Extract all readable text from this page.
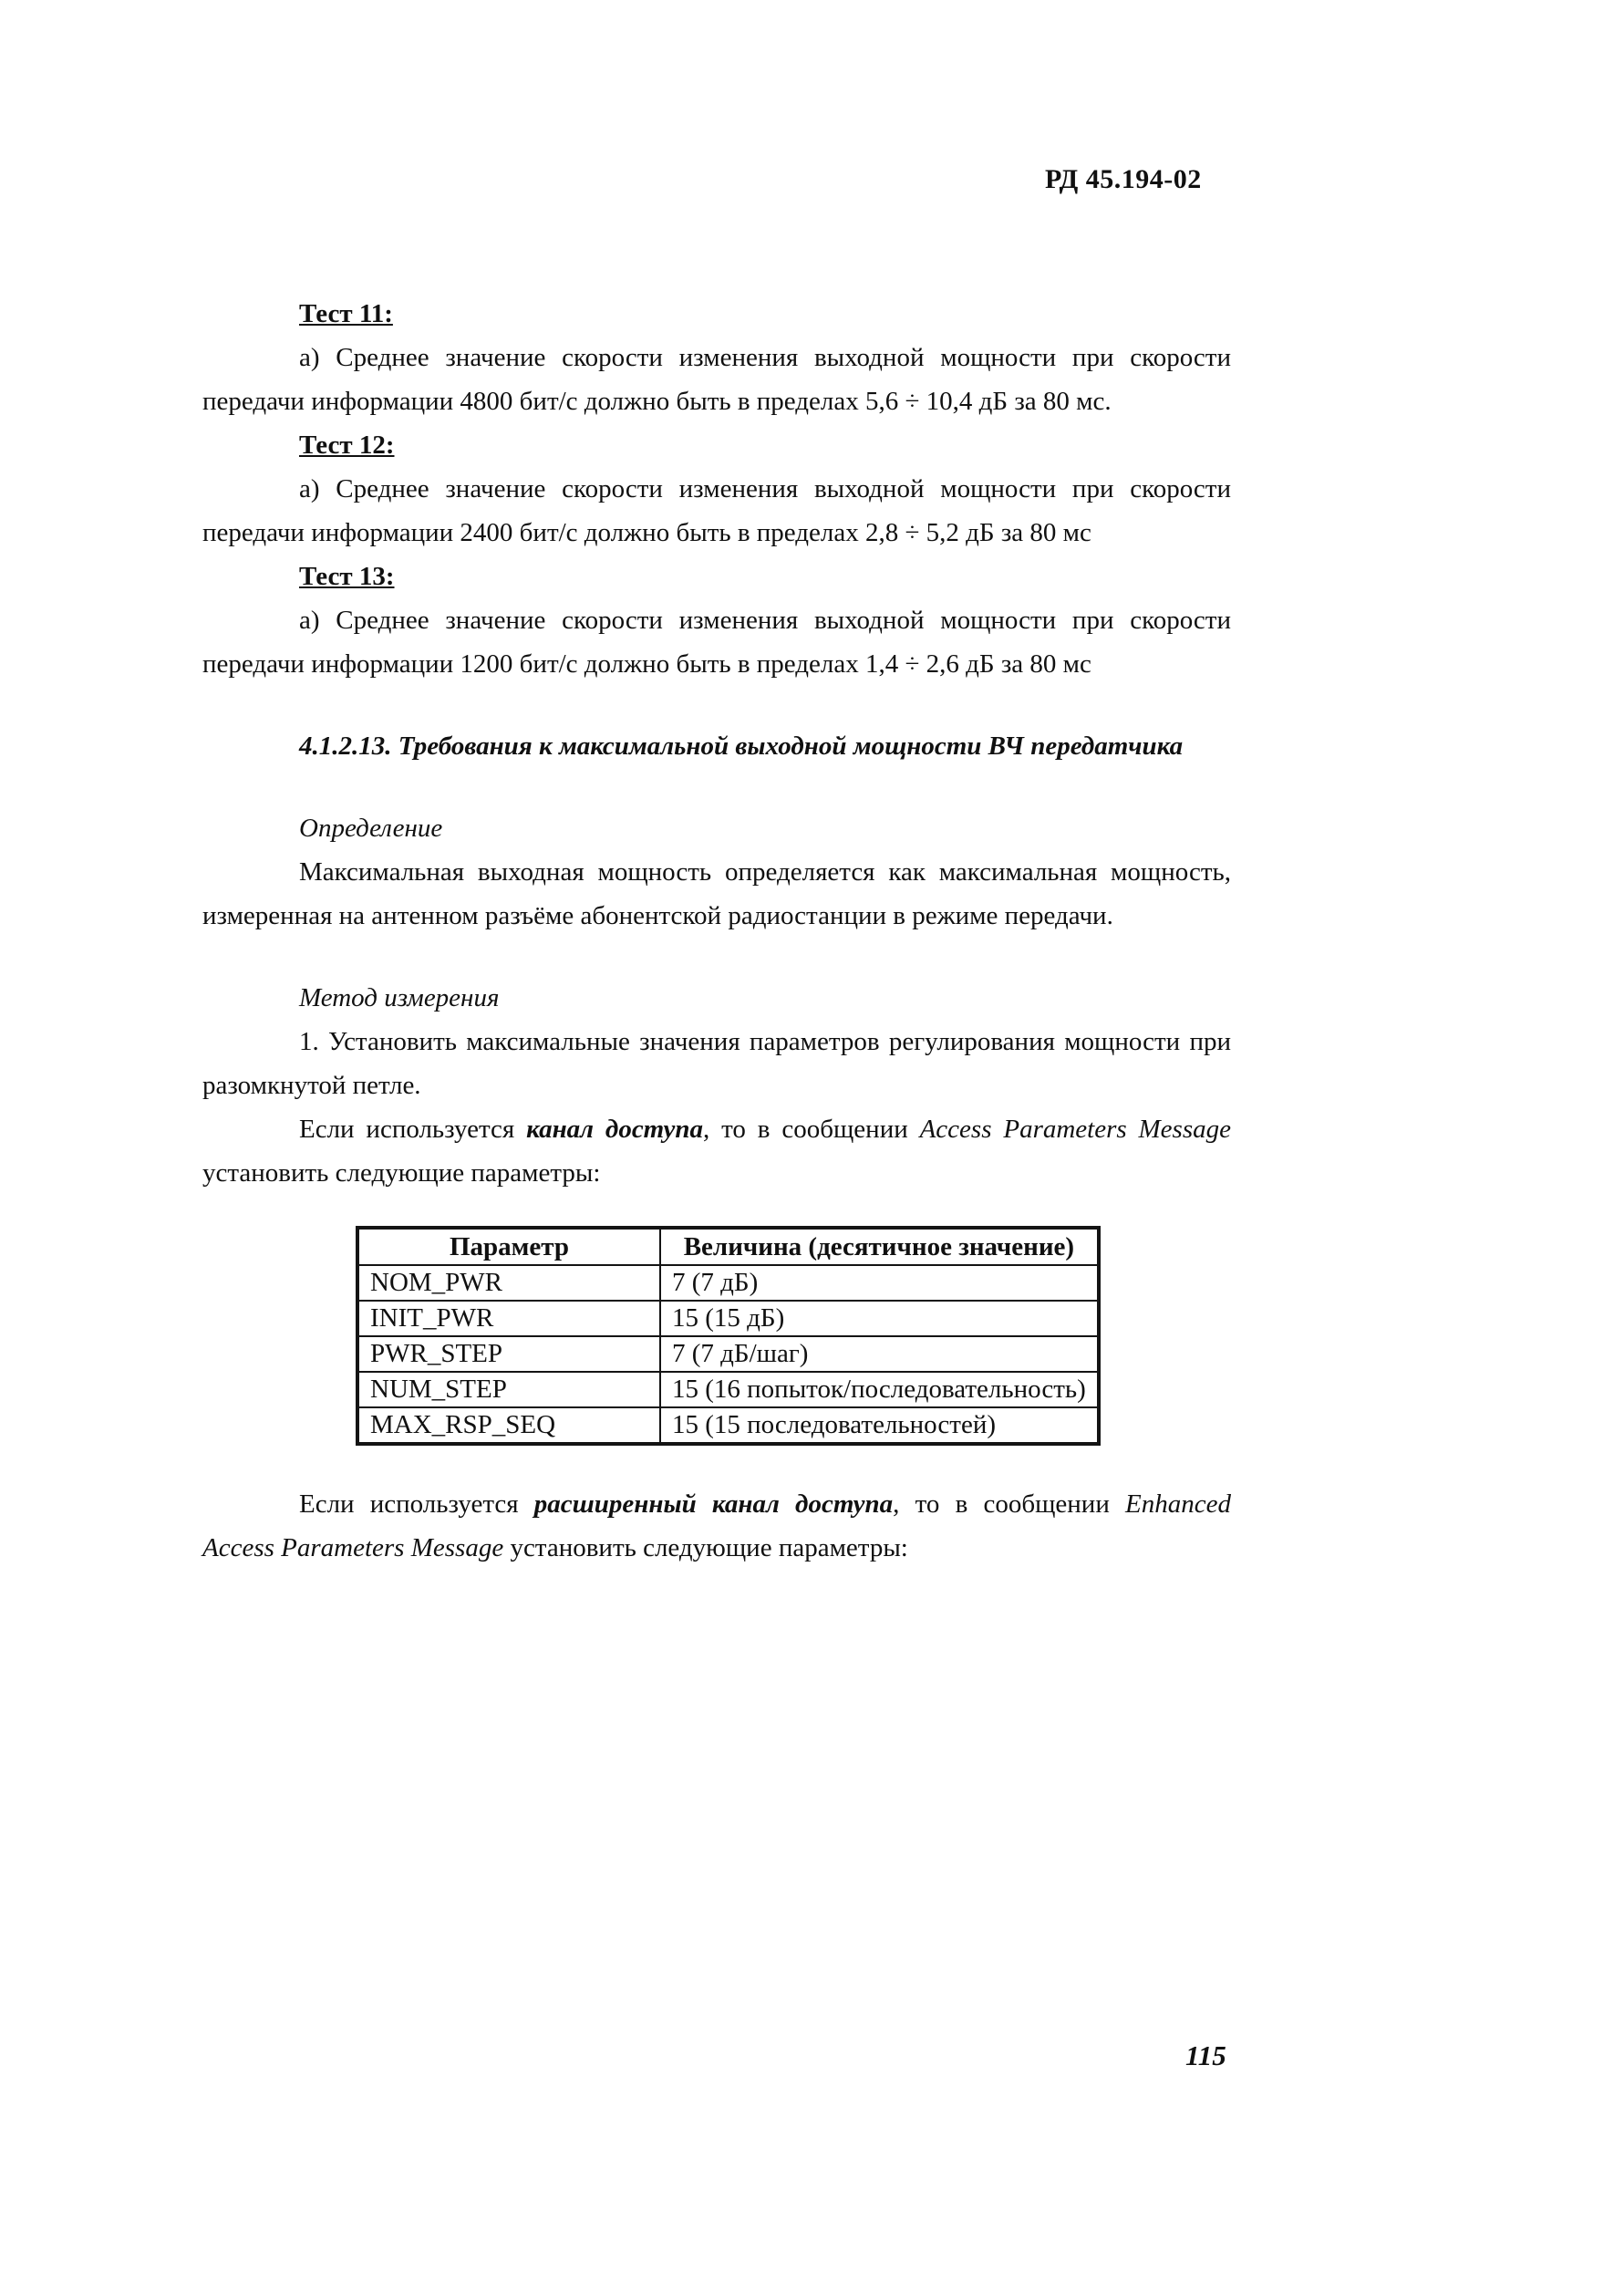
РД 45.194-02

Тест 11:

а) Среднее значение скорости изменения выходной мощности при скорости передачи информации 4800 бит/с должно быть в пределах 5,6 ÷ 10,4 дБ за 80 мс.

Тест 12:

а) Среднее значение скорости изменения выходной мощности при скорости передачи информации 2400 бит/с должно быть в пределах 2,8 ÷ 5,2 дБ за 80 мс

Тест 13:

а) Среднее значение скорости изменения выходной мощности при скорости передачи информации 1200 бит/с должно быть в пределах 1,4 ÷ 2,6 дБ за 80 мс

4.1.2.13. Требования к максимальной выходной мощности ВЧ передатчика

Определение

Максимальная выходная мощность определяется как максимальная мощность, измеренная на антенном разъёме абонентской радиостанции в режиме передачи.

Метод измерения

1. Установить максимальные значения параметров регулирования мощности при разомкнутой петле.

Если используется канал доступа, то в сообщении Access Parameters Message установить следующие параметры:

Параметр	Величина (десятичное значение)
NOM_PWR	7 (7 дБ)
INIT_PWR	15 (15 дБ)
PWR_STEP	7 (7 дБ/шаг)
NUM_STEP	15 (16 попыток/последовательность)
MAX_RSP_SEQ	15 (15 последовательностей)

Если используется расширенный канал доступа, то в сообщении Enhanced Access Parameters Message установить следующие параметры:

115
